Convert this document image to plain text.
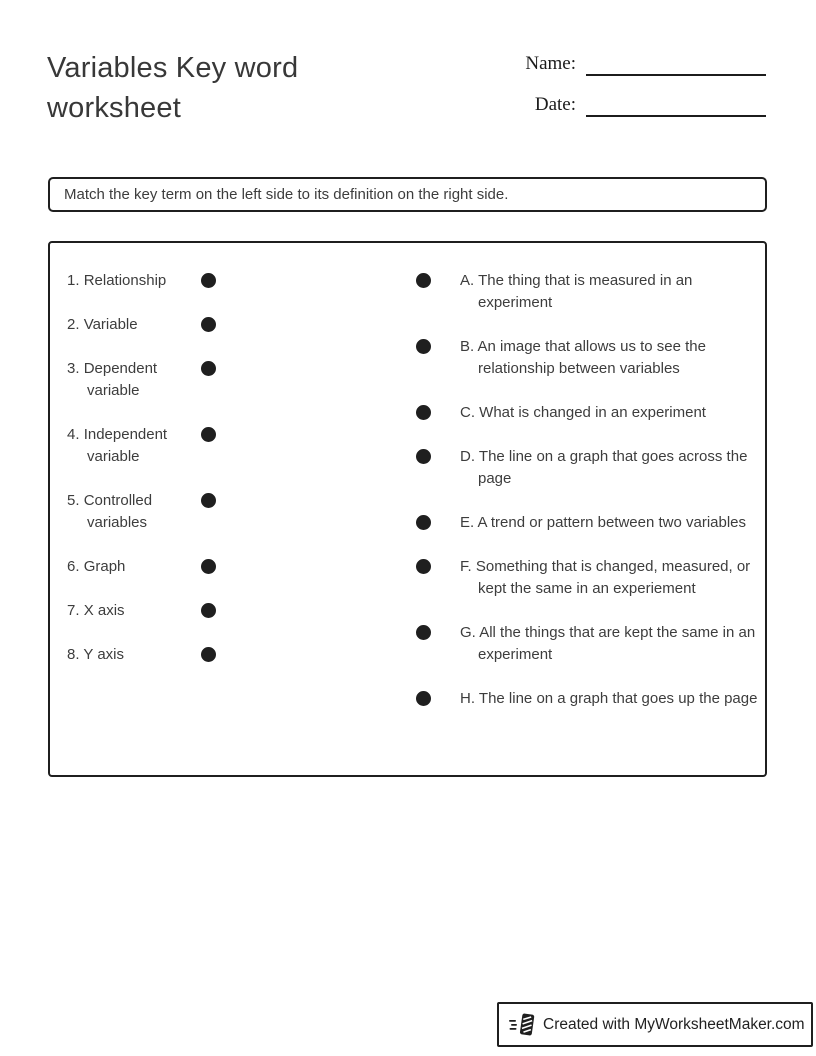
Variables Key word worksheet
Name:
Date:
Match the key term on the left side to its definition on the right side.
1. Relationship
2. Variable
3. Dependent variable
4. Independent variable
5. Controlled variables
6. Graph
7. X axis
8. Y axis
A. The thing that is measured in an experiment
B. An image that allows us to see the relationship between variables
C. What is changed in an experiment
D. The line on a graph that goes across the page
E. A trend or pattern between two variables
F. Something that is changed, measured, or kept the same in an experiement
G. All the things that are kept the same in an experiment
H. The line on a graph that goes up the page
Created with MyWorksheetMaker.com
